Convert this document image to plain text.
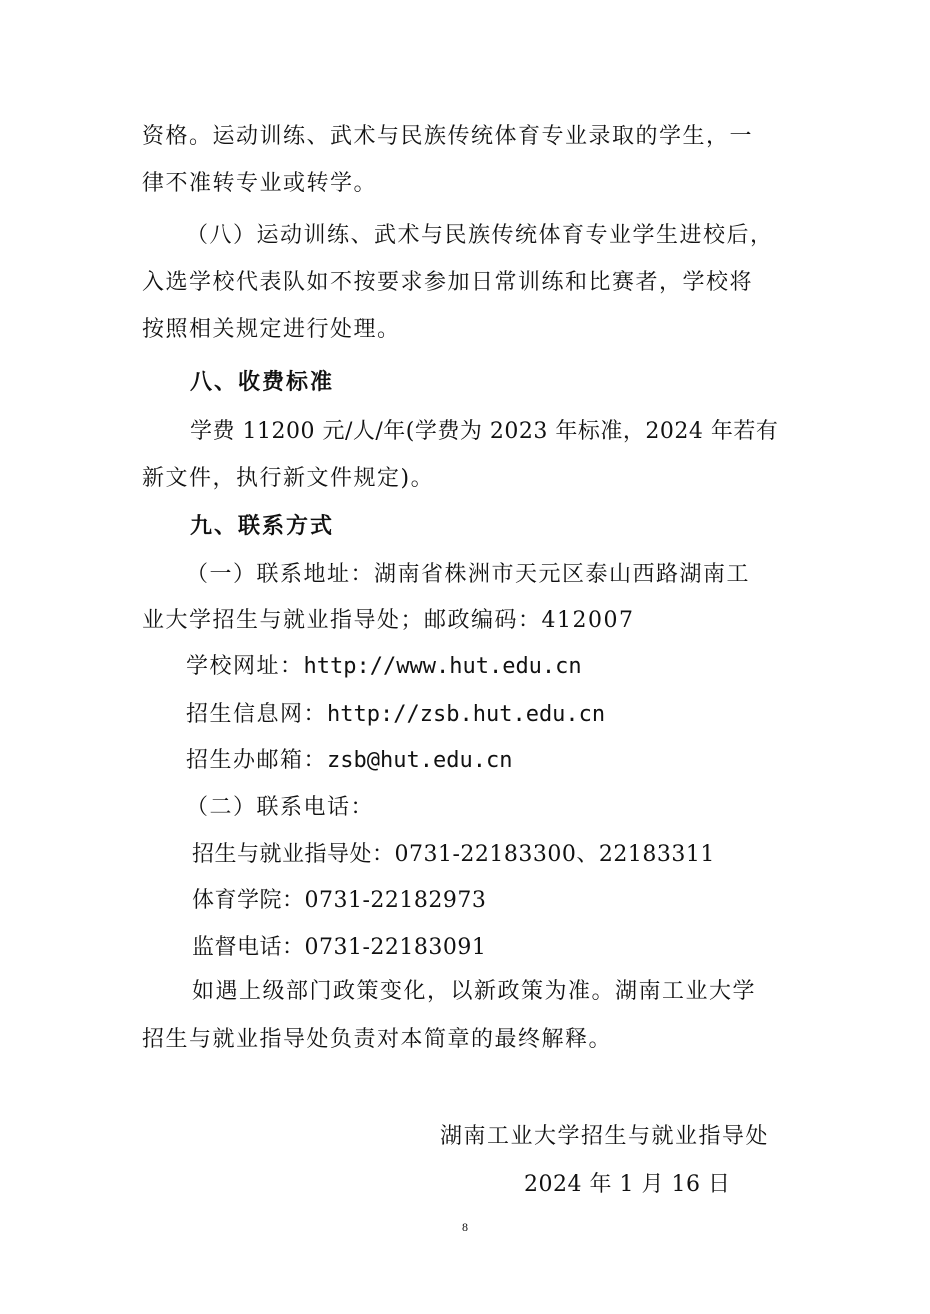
资格。运动训练、武术与民族传统体育专业录取的学生，一
律不准转专业或转学。
（八）运动训练、武术与民族传统体育专业学生进校后，
入选学校代表队如不按要求参加日常训练和比赛者，学校将
按照相关规定进行处理。
八、收费标准
学费 11200 元/人/年(学费为 2023 年标准，2024 年若有
新文件，执行新文件规定)。
九、联系方式
（一）联系地址：湖南省株洲市天元区泰山西路湖南工
业大学招生与就业指导处；邮政编码：412007
学校网址：http://www.hut.edu.cn
招生信息网：http://zsb.hut.edu.cn
招生办邮箱：zsb@hut.edu.cn
（二）联系电话：
招生与就业指导处：0731-22183300、22183311
体育学院：0731-22182973
监督电话：0731-22183091
如遇上级部门政策变化，以新政策为准。湖南工业大学
招生与就业指导处负责对本简章的最终解释。
湖南工业大学招生与就业指导处
2024 年 1 月 16 日
8
